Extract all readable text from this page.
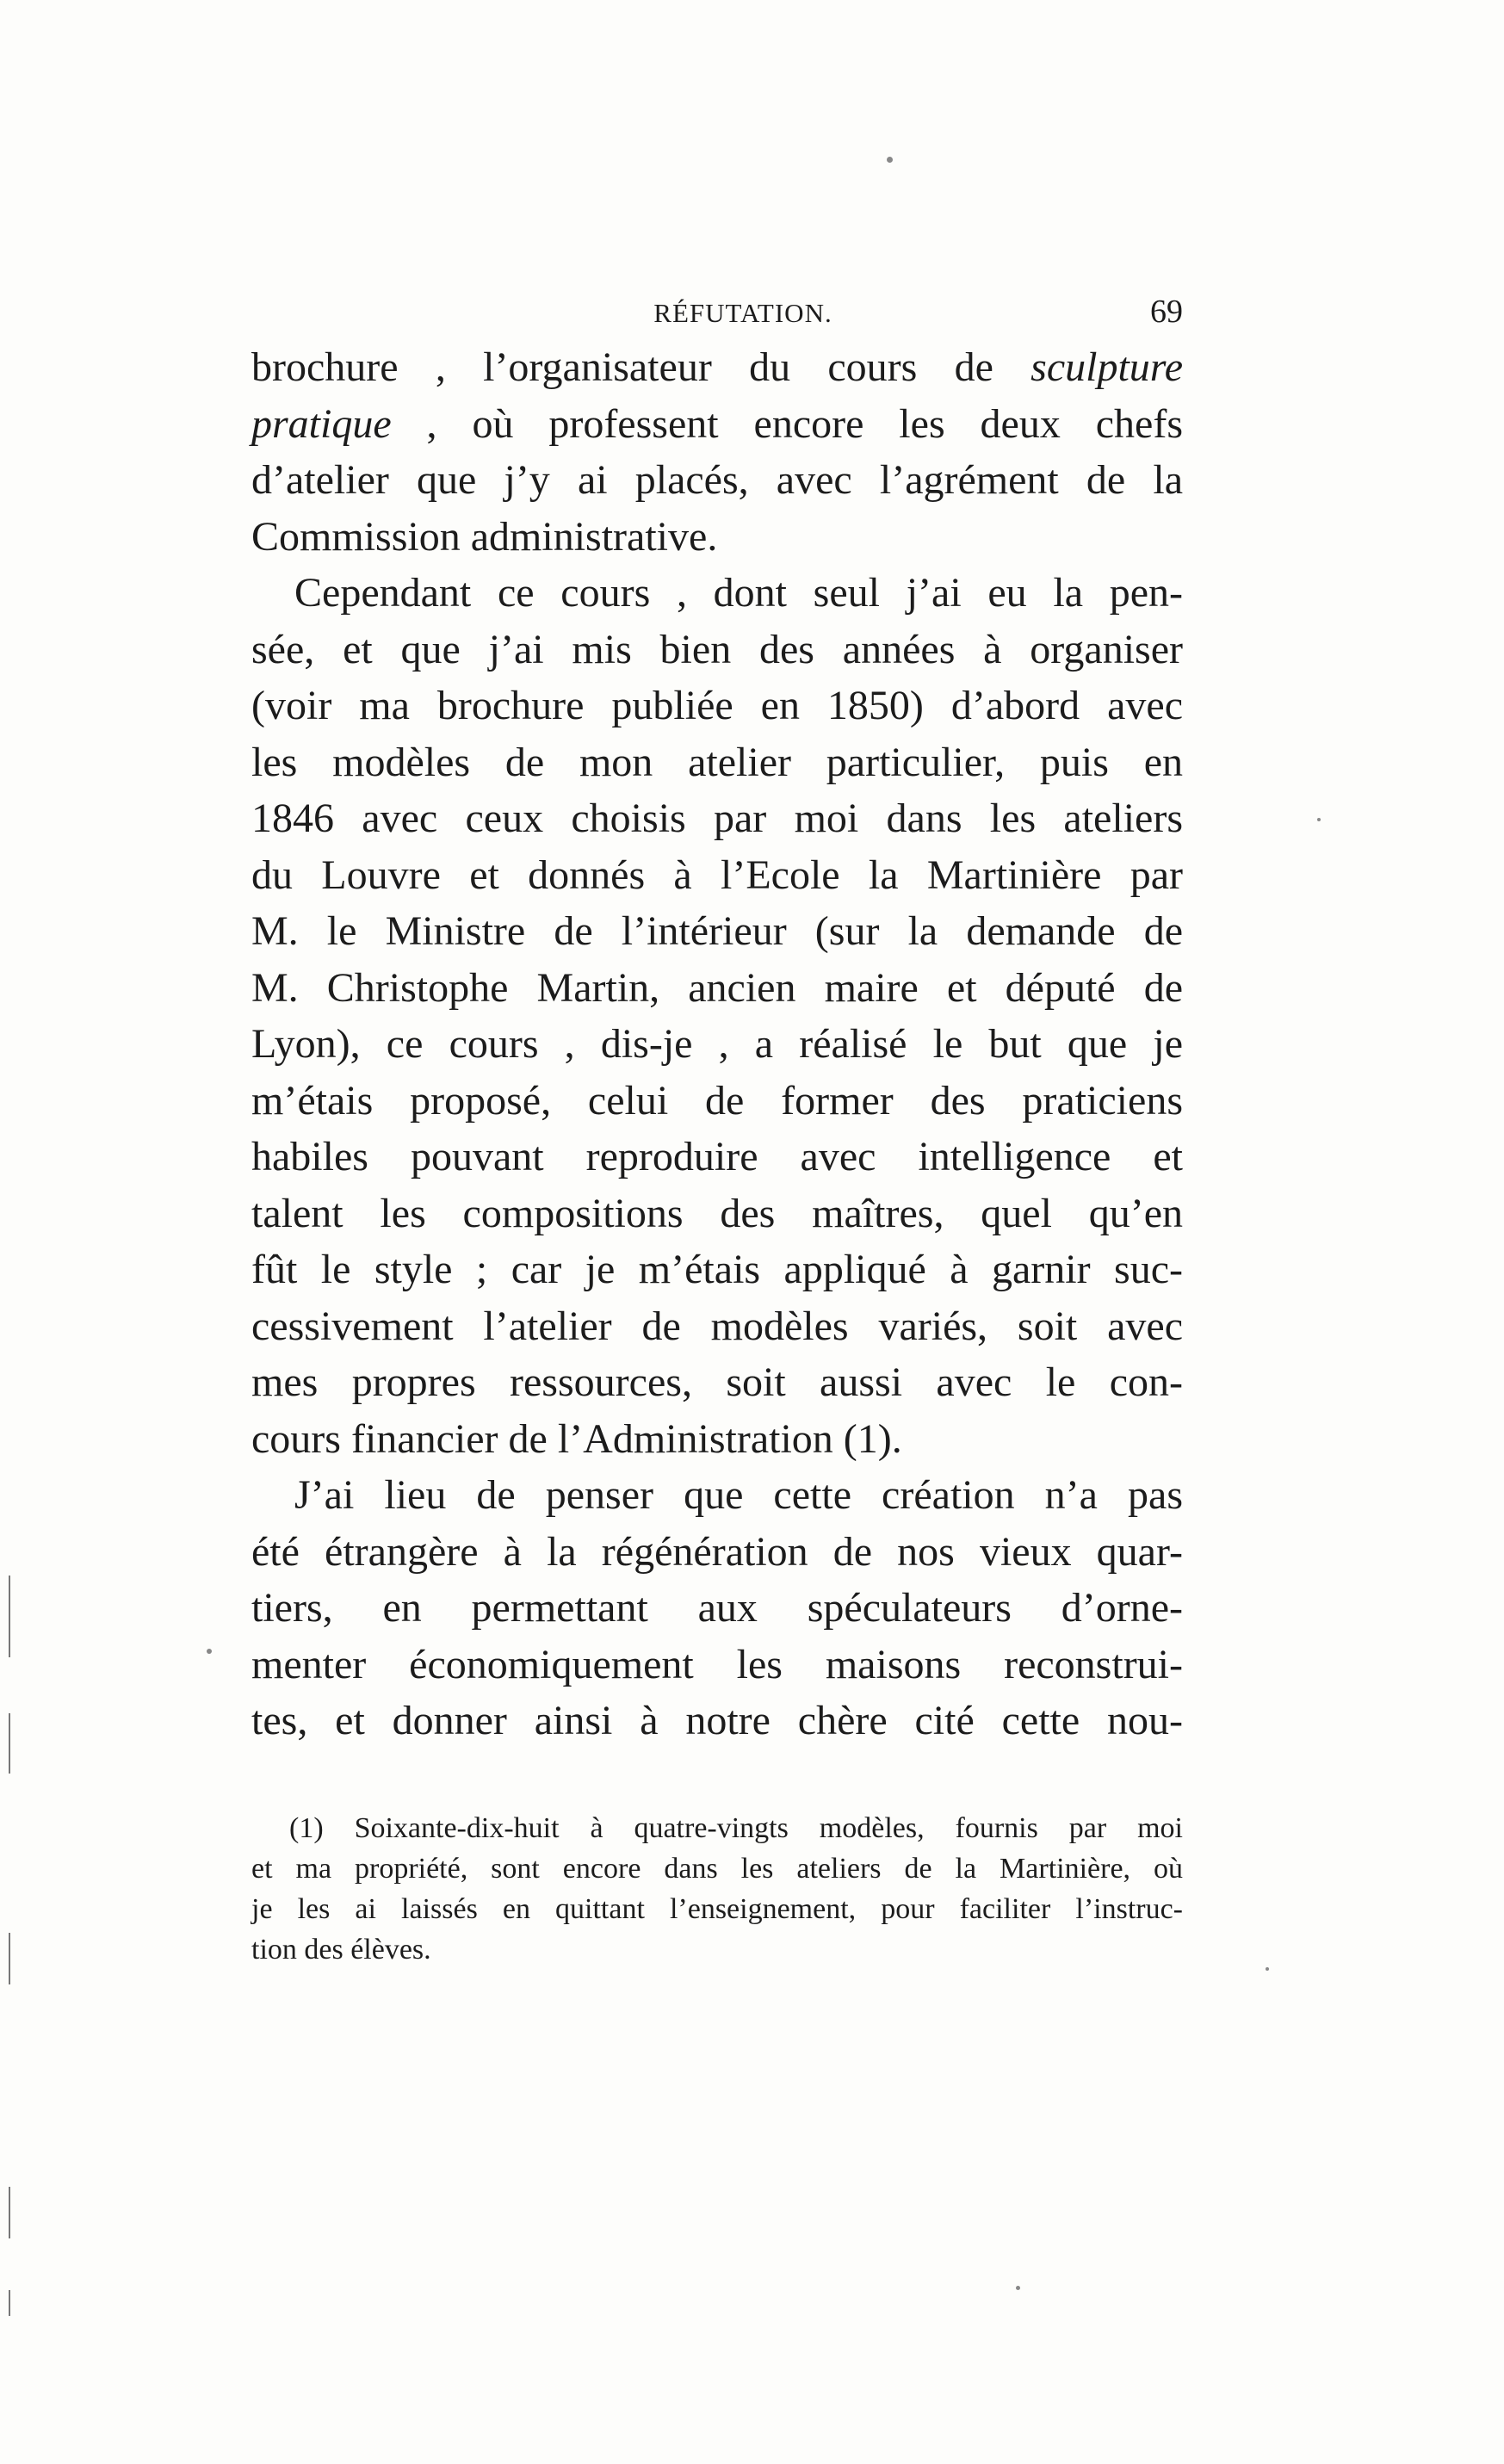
RÉFUTATION.	69
brochure , l’organisateur du cours de sculpture
pratique , où professent encore les deux chefs
d’atelier que j’y ai placés, avec l’agrément de la
Commission administrative.
Cependant ce cours , dont seul j’ai eu la pen-
sée, et que j’ai mis bien des années à organiser
(voir ma brochure publiée en 1850) d’abord avec
les modèles de mon atelier particulier, puis en
1846 avec ceux choisis par moi dans les ateliers
du Louvre et donnés à l’Ecole la Martinière par
M. le Ministre de l’intérieur (sur la demande de
M. Christophe Martin, ancien maire et député de
Lyon), ce cours , dis-je , a réalisé le but que je
m’étais proposé, celui de former des praticiens
habiles pouvant reproduire avec intelligence et
talent les compositions des maîtres, quel qu’en
fût le style ; car je m’étais appliqué à garnir suc-
cessivement l’atelier de modèles variés, soit avec
mes propres ressources, soit aussi avec le con-
cours financier de l’Administration (1).
J’ai lieu de penser que cette création n’a pas
été étrangère à la régénération de nos vieux quar-
tiers, en permettant aux spéculateurs d’orne-
menter économiquement les maisons reconstrui-
tes, et donner ainsi à notre chère cité cette nou-
(1) Soixante-dix-huit à quatre-vingts modèles, fournis par moi
et ma propriété, sont encore dans les ateliers de la Martinière, où
je les ai laissés en quittant l’enseignement, pour faciliter l’instruc-
tion des élèves.
